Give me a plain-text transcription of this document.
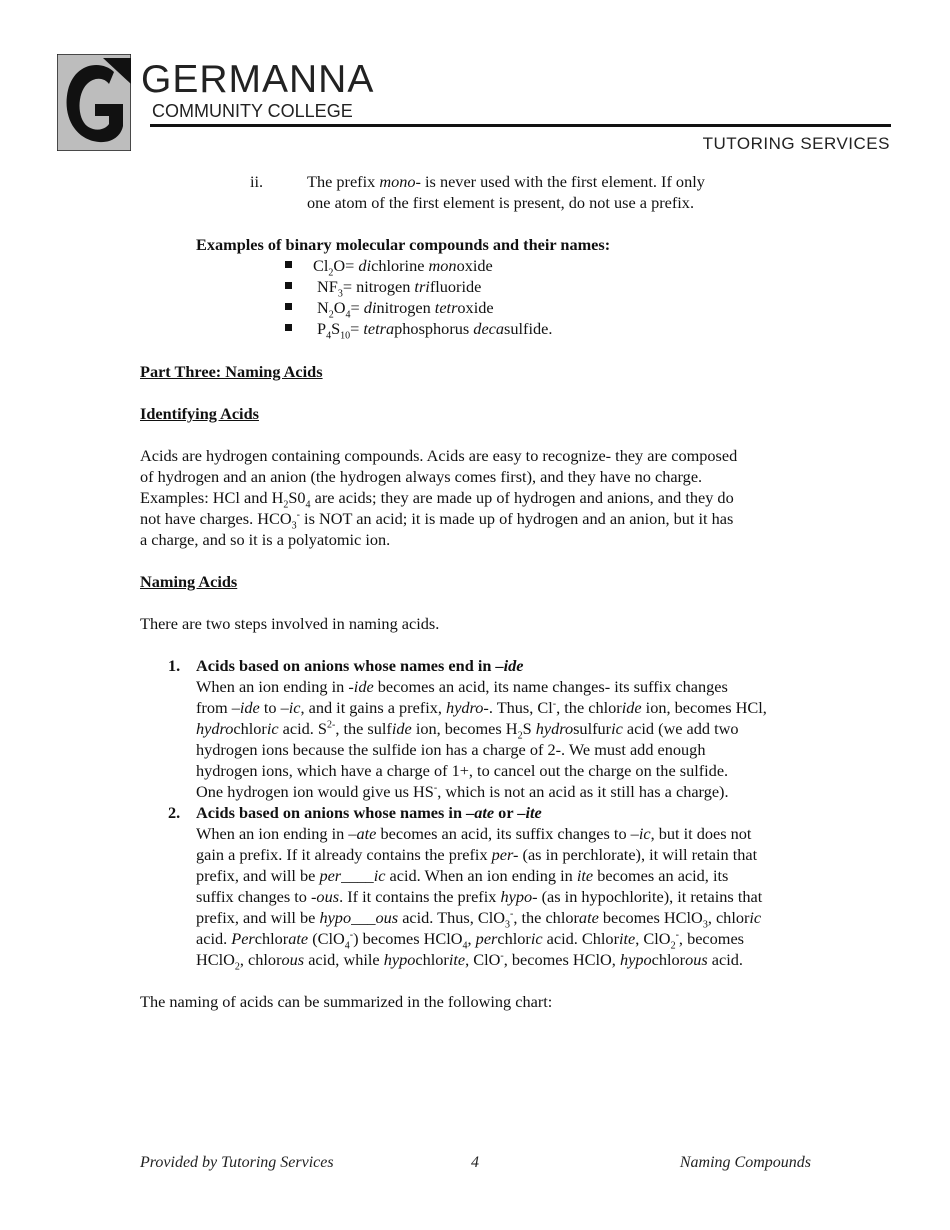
GERMANNA
COMMUNITY COLLEGE
TUTORING SERVICES
ii.	The prefix mono- is never used with the first element. If only
one atom of the first element is present, do not use a prefix.
Examples of binary molecular compounds and their names:
$Cl_2O=$ dichlorine monoxide
$NF_3=$ nitrogen trifluoride
$N_2O_4=$ dinitrogen tetroxide
$P_4S_{10}=$ tetraphosphorus decasulfide.
Part Three: Naming Acids
Identifying Acids
Acids are hydrogen containing compounds. Acids are easy to recognize- they are composed
of hydrogen and an anion (the hydrogen always comes first), and they have no charge.
Examples: HCl and $H_2S0_4$ are acids; they are made up of hydrogen and anions, and they do
not have charges. $HCO_3^-$ is NOT an acid; it is made up of hydrogen and an anion, but it has
a charge, and so it is a polyatomic ion.
Naming Acids
There are two steps involved in naming acids.
1. Acids based on anions whose names end in –ide
When an ion ending in -ide becomes an acid, its name changes- its suffix changes
from –ide to –ic, and it gains a prefix, hydro-. Thus, Cl-, the chloride ion, becomes HCl,
hydrochloric acid. $S^{2-}$, the sulfide ion, becomes $H_2S$ hydrosulfuric acid (we add two
hydrogen ions because the sulfide ion has a charge of 2-. We must add enough
hydrogen ions, which have a charge of 1+, to cancel out the charge on the sulfide.
One hydrogen ion would give us HS-, which is not an acid as it still has a charge).
2. Acids based on anions whose names in –ate or –ite
When an ion ending in –ate becomes an acid, its suffix changes to –ic, but it does not
gain a prefix. If it already contains the prefix per- (as in perchlorate), it will retain that
prefix, and will be per____ic acid. When an ion ending in ite becomes an acid, its
suffix changes to -ous. If it contains the prefix hypo- (as in hypochlorite), it retains that
prefix, and will be hypo___ous acid. Thus, ClO$_3$-, the chlorate becomes HClO$_3$, chloric
acid. Perchlorate (ClO$_4$-) becomes HClO$_4$, perchloric acid. Chlorite, ClO$_2$-, becomes
HClO$_2$, chlorous acid, while hypochlorite, ClO-, becomes HClO, hypochlorous acid.
The naming of acids can be summarized in the following chart:
Provided by Tutoring Services	4	Naming Compounds
